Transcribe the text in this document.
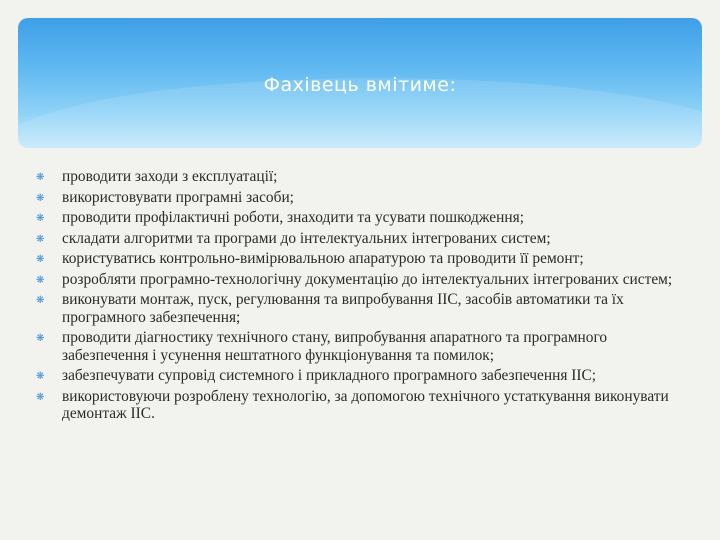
Фахівець вмітиме:
❋ проводити заходи з експлуатації;
❋ використовувати програмні засоби;
❋ проводити профілактичні роботи, знаходити та усувати пошкодження;
❋ складати алгоритми та програми до інтелектуальних інтегрованих систем;
❋ користуватись контрольно-вимірювальною апаратурою та проводити її ремонт;
❋ розробляти програмно-технологічну документацію до інтелектуальних інтегрованих систем;
❋ виконувати монтаж, пуск, регулювання та випробування ІІС, засобів автоматики та їх програмного забезпечення;
❋ проводити діагностику технічного стану, випробування апаратного та програмного забезпечення і усунення нештатного функціонування та помилок;
❋ забезпечувати супровід системного і прикладного програмного забезпечення ІІС;
❋ використовуючи розроблену технологію, за допомогою технічного устаткування виконувати демонтаж ІІС.
